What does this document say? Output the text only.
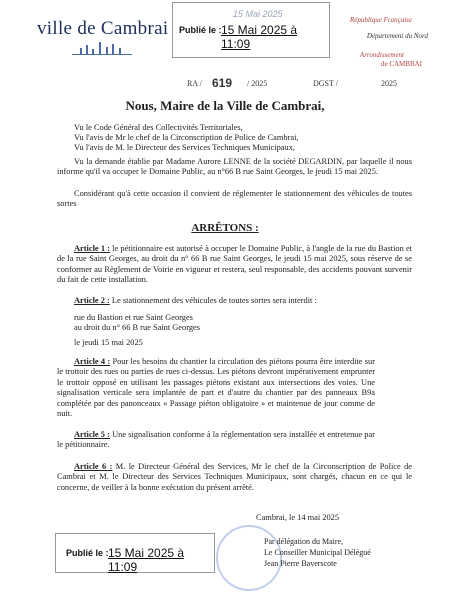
ville de Cambrai
15 Mai 2025
Publié le : 15 Mai 2025 à 11:09
République Française
Département du Nord
Arrondissement
de CAMBRAI
RA / 619 / 2025	DGST /	2025
Nous, Maire de la Ville de Cambrai,
Vu le Code Général des Collectivités Territoriales,
Vu l'avis de Mr le chef de la Circonscription de Police de Cambrai,
Vu l'avis de M. le Directeur des Services Techniques Municipaux,
Vu la demande établie par Madame Aurore LENNE de la société DEGARDIN, par laquelle il nous informe qu'il va occuper le Domaine Public, au n°66 B rue Saint Georges, le jeudi 15 mai 2025.
Considérant qu'à cette occasion il convient de réglementer le stationnement des véhicules de toutes sortes
ARRÊTONS :
Article 1 : le pétitionnaire est autorisé à occuper le Domaine Public, à l'angle de la rue du Bastion et de la rue Saint Georges, au droit du n° 66 B rue Saint Georges, le jeudi 15 mai 2025, sous réserve de se conformer au Règlement de Voirie en vigueur et restera, seul responsable, des accidents pouvant survenir du fait de cette installation.
Article 2 : Le stationnement des véhicules de toutes sortes sera interdit :
rue du Bastion et rue Saint Georges
au droit du n° 66 B rue Saint Georges
le jeudi 15 mai 2025
Article 4 : Pour les besoins du chantier la circulation des piétons pourra être interdite sur le trottoir des rues ou parties de rues ci-dessus. Les piétons devront impérativement emprunter le trottoir opposé en utilisant les passages piétons existant aux intersections des voies. Une signalisation verticale sera implantée de part et d'autre du chantier par des panneaux B9a complétée par des panonceaux « Passage piéton obligatoire » et maintenue de jour comme de nuit.
Article 5 : Une signalisation conforme à la réglementation sera installée et entretenue par le pétitionnaire.
Article 6 : M. le Directeur Général des Services, Mr le chef de la Circonscription de Police de Cambrai et M. le Directeur des Services Techniques Municipaux, sont chargés, chacun en ce qui le concerne, de veiller à la bonne exécution du présent arrêté.
Cambrai, le 14 mai 2025
Par délégation du Maire,
Le Conseiller Municipal Délégué
Jean Pierre Baverscote
Publié le : 15 Mai 2025 à 11:09
